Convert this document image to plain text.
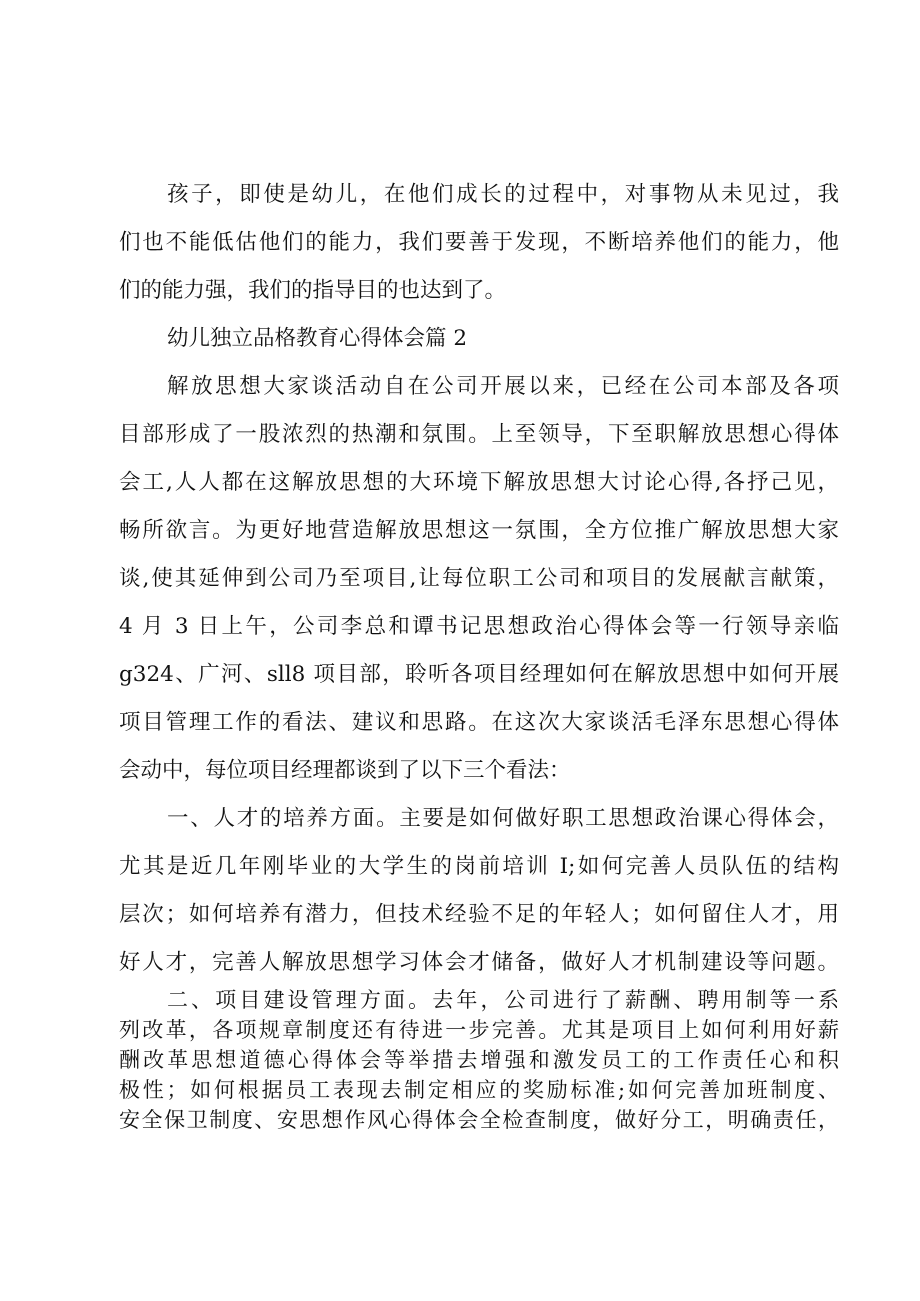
孩子，即使是幼儿，在他们成长的过程中，对事物从未见过，我
们也不能低估他们的能力，我们要善于发现，不断培养他们的能力，他
们的能力强，我们的指导目的也达到了。
幼儿独立品格教育心得体会篇 2
解放思想大家谈活动自在公司开展以来，已经在公司本部及各项
目部形成了一股浓烈的热潮和氛围。上至领导，下至职解放思想心得体
会工,人人都在这解放思想的大环境下解放思想大讨论心得,各抒己见，
畅所欲言。为更好地营造解放思想这一氛围，全方位推广解放思想大家
谈,使其延伸到公司乃至项目,让每位职工公司和项目的发展献言献策，
4 月 3 日上午，公司李总和谭书记思想政治心得体会等一行领导亲临
g324、广河、sll8 项目部，聆听各项目经理如何在解放思想中如何开展
项目管理工作的看法、建议和思路。在这次大家谈活毛泽东思想心得体
会动中，每位项目经理都谈到了以下三个看法：
一、人才的培养方面。主要是如何做好职工思想政治课心得体会，
尤其是近几年刚毕业的大学生的岗前培训 I;如何完善人员队伍的结构
层次；如何培养有潜力，但技术经验不足的年轻人；如何留住人才，用
好人才，完善人解放思想学习体会才储备，做好人才机制建设等问题。
二、项目建设管理方面。去年，公司进行了薪酬、聘用制等一系
列改革，各项规章制度还有待进一步完善。尤其是项目上如何利用好薪
酬改革思想道德心得体会等举措去增强和激发员工的工作责任心和积
极性；如何根据员工表现去制定相应的奖励标准;如何完善加班制度、
安全保卫制度、安思想作风心得体会全检查制度，做好分工，明确责任，
